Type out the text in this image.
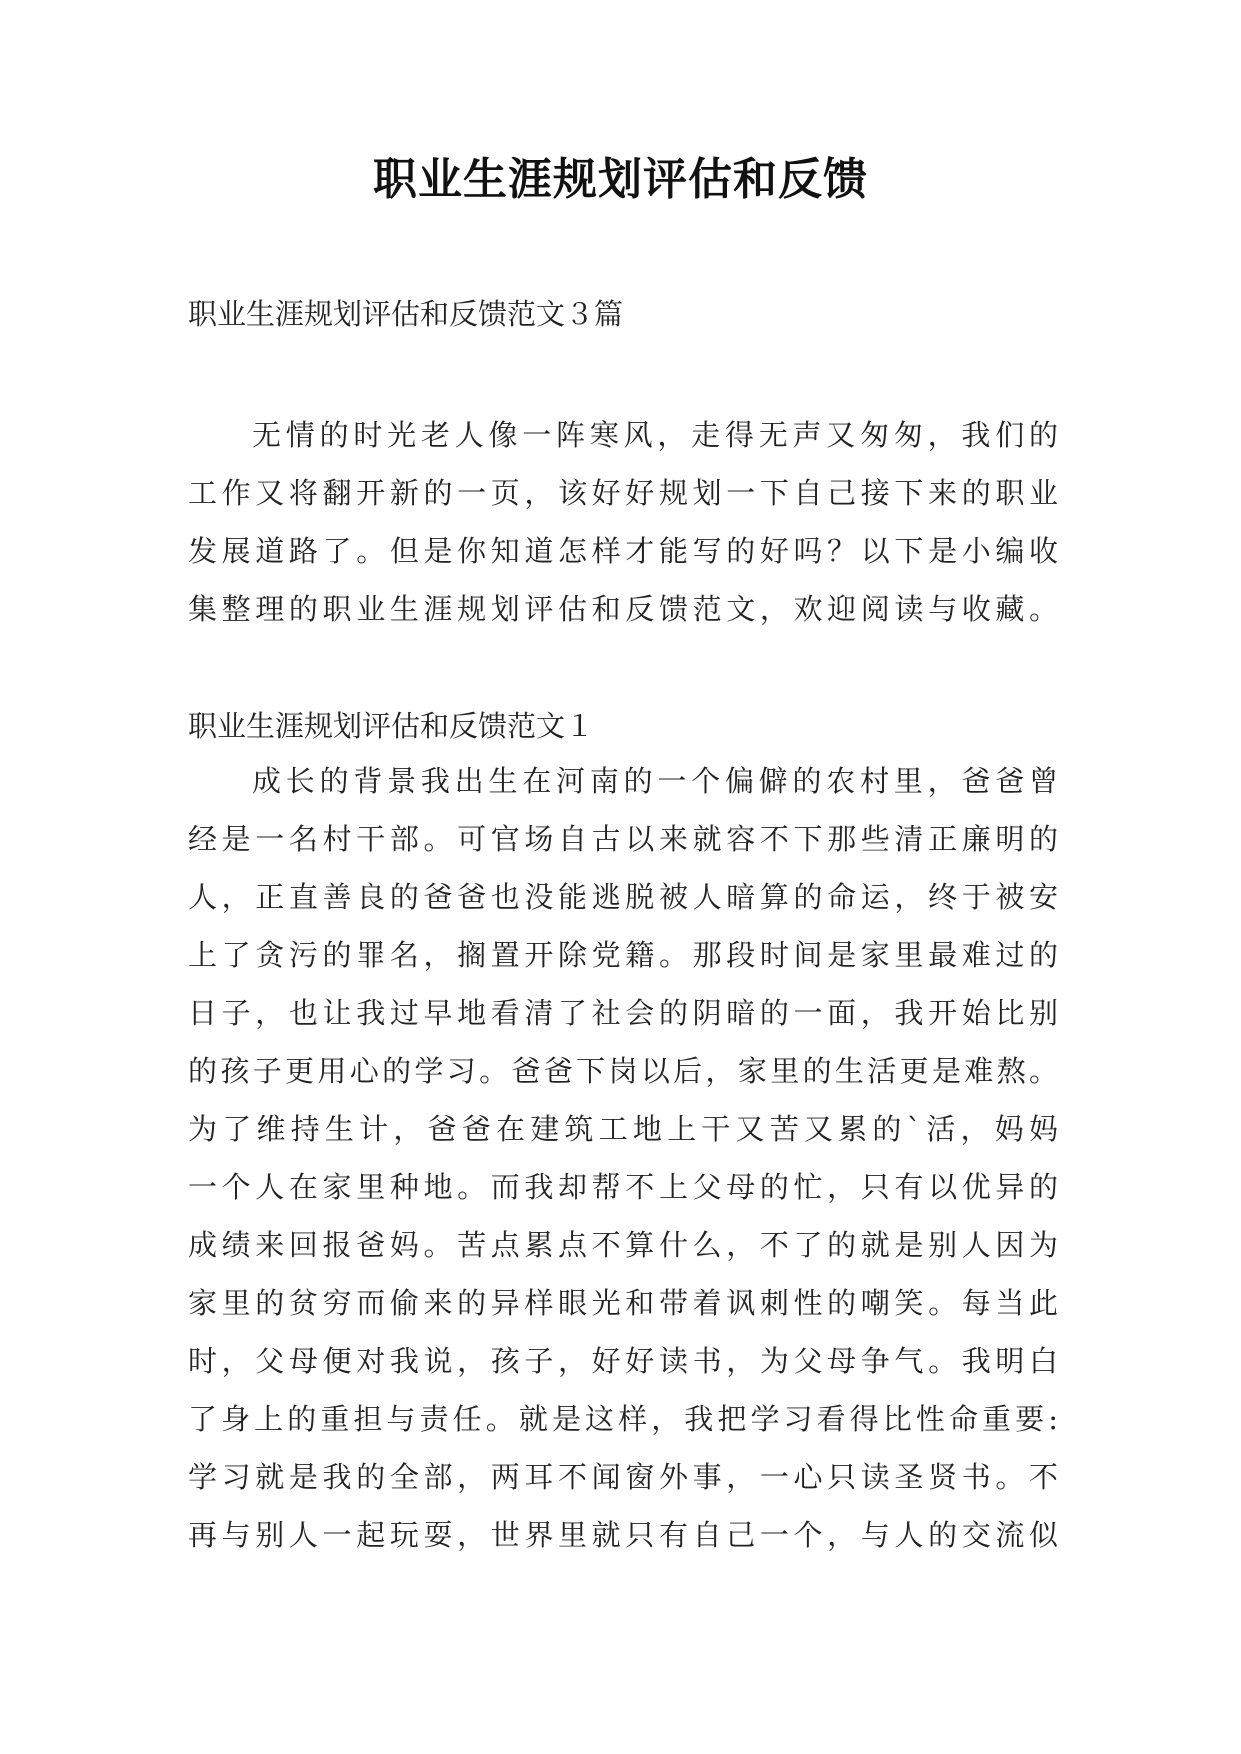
职业生涯规划评估和反馈
职业生涯规划评估和反馈范文３篇
无情的时光老人像一阵寒风，走得无声又匆匆，我们的
工作又将翻开新的一页，该好好规划一下自己接下来的职业
发展道路了。但是你知道怎样才能写的好吗？以下是小编收
集整理的职业生涯规划评估和反馈范文，欢迎阅读与收藏。
职业生涯规划评估和反馈范文１
成长的背景我出生在河南的一个偏僻的农村里，爸爸曾
经是一名村干部。可官场自古以来就容不下那些清正廉明的
人，正直善良的爸爸也没能逃脱被人暗算的命运，终于被安
上了贪污的罪名，搁置开除党籍。那段时间是家里最难过的
日子，也让我过早地看清了社会的阴暗的一面，我开始比别
的孩子更用心的学习。爸爸下岗以后，家里的生活更是难熬。
为了维持生计，爸爸在建筑工地上干又苦又累的`活，妈妈
一个人在家里种地。而我却帮不上父母的忙，只有以优异的
成绩来回报爸妈。苦点累点不算什么，不了的就是别人因为
家里的贫穷而偷来的异样眼光和带着讽刺性的嘲笑。每当此
时，父母便对我说，孩子，好好读书，为父母争气。我明白
了身上的重担与责任。就是这样，我把学习看得比性命重要:
学习就是我的全部，两耳不闻窗外事，一心只读圣贤书。不
再与别人一起玩耍，世界里就只有自己一个，与人的交流似
